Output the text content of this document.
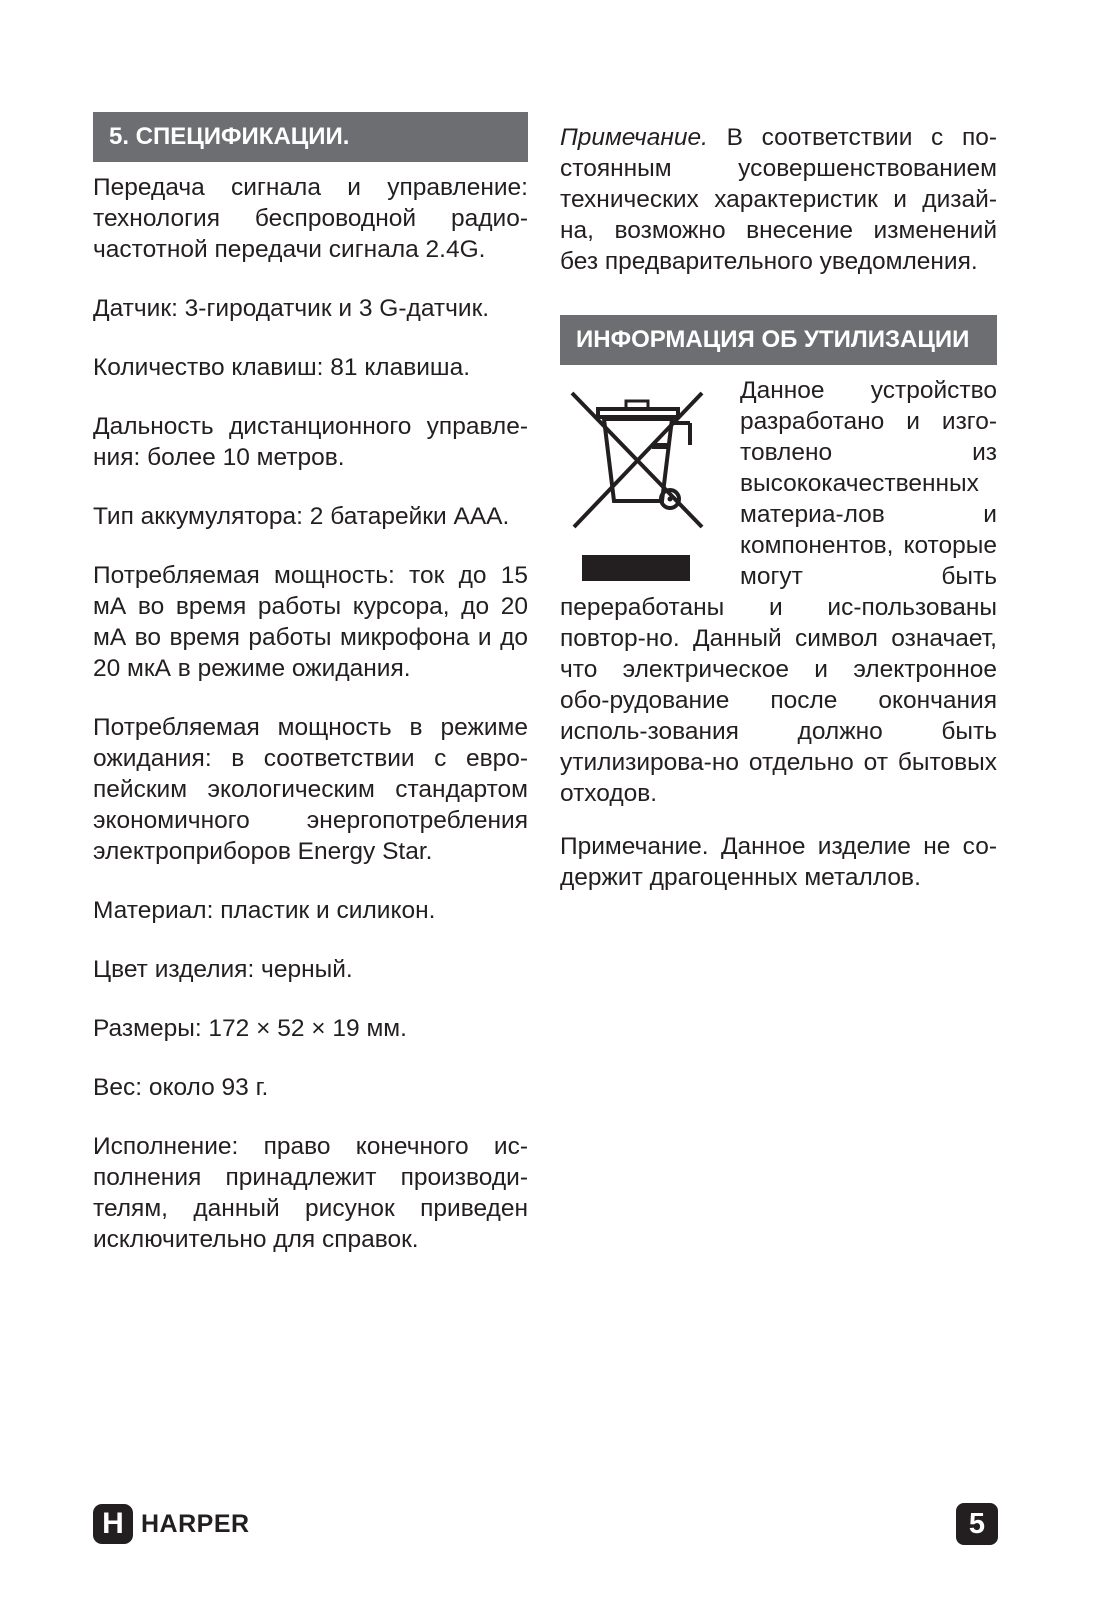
5. СПЕЦИФИКАЦИИ.

Передача сигнала и управление: технология беспроводной радио-частотной передачи сигнала 2.4G.

Датчик: 3-гиродатчик и 3 G-датчик.

Количество клавиш: 81 клавиша.

Дальность дистанционного управле-ния: более 10 метров.

Тип аккумулятора: 2 батарейки AAA.

Потребляемая мощность: ток до 15 мА во время работы курсора, до 20 мА во время работы микрофона и до 20 мкА в режиме ожидания.

Потребляемая мощность в режиме ожидания: в соответствии с евро-пейским экологическим стандартом экономичного энергопотребления электроприборов Energy Star.

Материал: пластик и силикон.

Цвет изделия: черный.

Размеры: 172 × 52 × 19 мм.

Вес: около 93 г.

Исполнение: право конечного ис-полнения принадлежит производи-телям, данный рисунок приведен исключительно для справок.

Примечание. В соответствии с по-стоянным усовершенствованием технических характеристик и дизай-на, возможно внесение изменений без предварительного уведомления.

ИНФОРМАЦИЯ ОБ УТИЛИЗАЦИИ

Данное устройство разработано и изго-товлено из высококачественных материа-лов и компонентов, которые могут быть переработаны и ис-пользованы повтор-но. Данный символ означает, что электрическое и электронное обо-рудование после окончания исполь-зования должно быть утилизирова-но отдельно от бытовых отходов.

Примечание. Данное изделие не со-держит драгоценных металлов.

H HARPER	5
